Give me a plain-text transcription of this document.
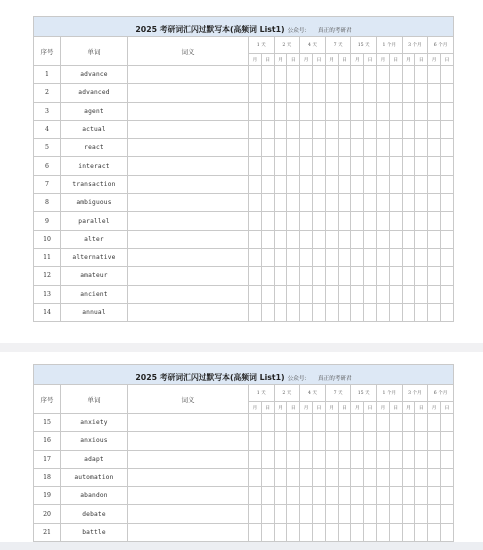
2025 考研词汇闪过默写本(高频词 List1) 公众号： 真正的考研君																		
序号	单词	词义	1 天		2 天		4 天		7 天		15 天		1 个月		3 个月		6 个月	
			月	日	月	日	月	日	月	日	月	日	月	日	月	日	月	日
1	advance																	
2	advanced																	
3	agent																	
4	actual																	
5	react																	
6	interact																	
7	transaction																	
8	ambiguous																	
9	parallel																	
10	alter																	
11	alternative																	
12	amateur																	
13	ancient																	
14	annual																	
2025 考研词汇闪过默写本(高频词 List1) 公众号： 真正的考研君																		
序号	单词	词义	1 天		2 天		4 天		7 天		15 天		1 个月		3 个月		6 个月	
			月	日	月	日	月	日	月	日	月	日	月	日	月	日	月	日
15	anxiety																	
16	anxious																	
17	adapt																	
18	automation																	
19	abandon																	
20	debate																	
21	battle																	
